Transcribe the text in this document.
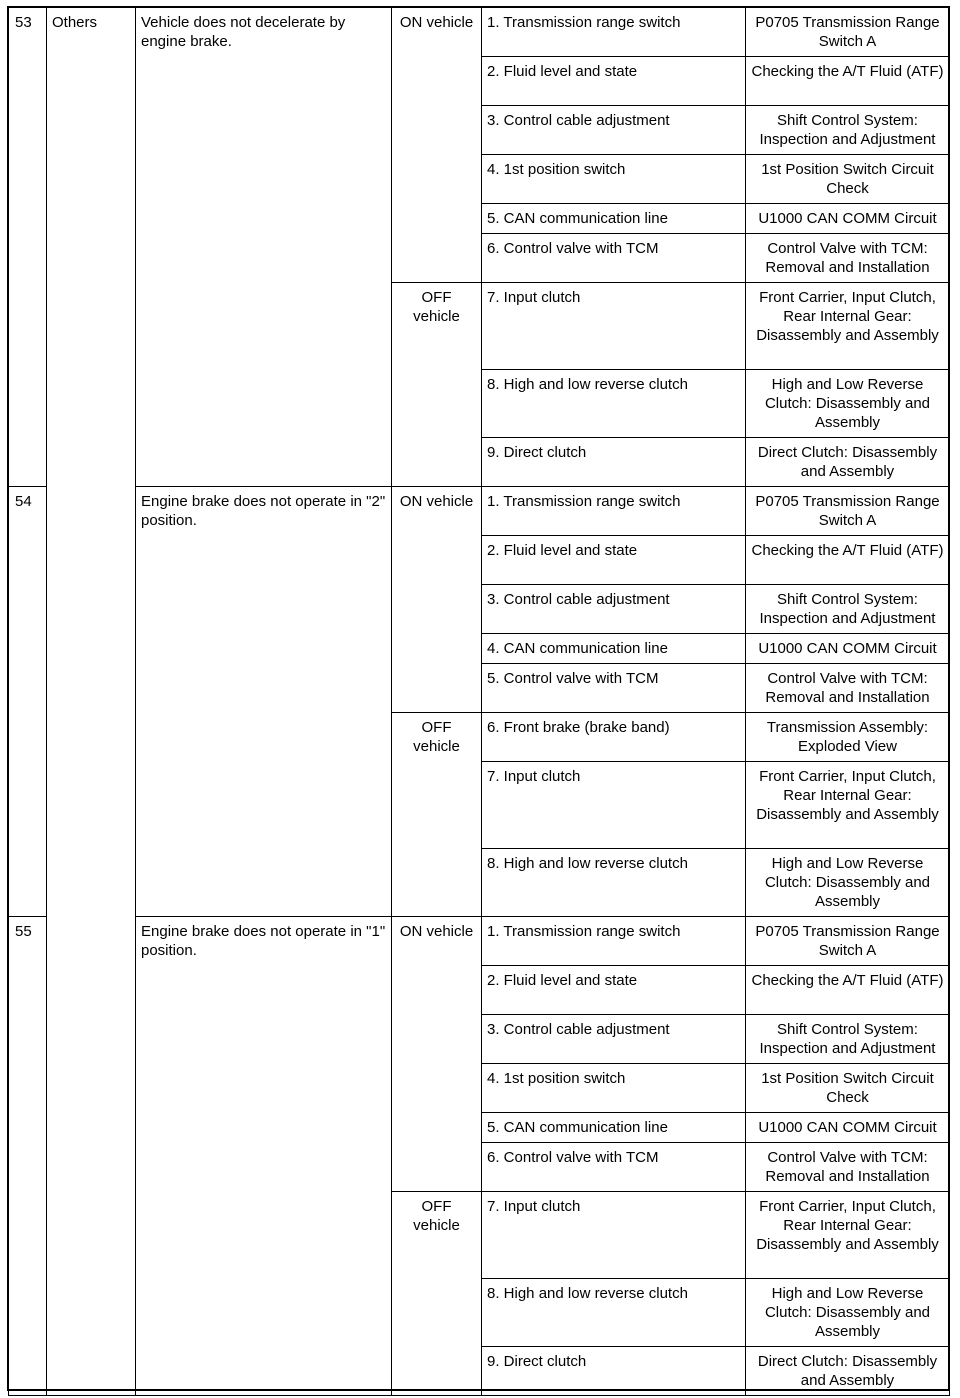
53	Others	Vehicle does not decelerate by engine brake.	ON vehicle	1. Transmission range switch	P0705 Transmission Range Switch A
				2. Fluid level and state	Checking the A/T Fluid (ATF)
				3. Control cable adjustment	Shift Control System: Inspection and Adjustment
				4. 1st position switch	1st Position Switch Circuit Check
				5. CAN communication line	U1000 CAN COMM Circuit
				6. Control valve with TCM	Control Valve with TCM: Removal and Installation
			OFF vehicle	7. Input clutch	Front Carrier, Input Clutch, Rear Internal Gear: Disassembly and Assembly
				8. High and low reverse clutch	High and Low Reverse Clutch: Disassembly and Assembly
				9. Direct clutch	Direct Clutch: Disassembly and Assembly
54		Engine brake does not operate in "2" position.	ON vehicle	1. Transmission range switch	P0705 Transmission Range Switch A
				2. Fluid level and state	Checking the A/T Fluid (ATF)
				3. Control cable adjustment	Shift Control System: Inspection and Adjustment
				4. CAN communication line	U1000 CAN COMM Circuit
				5. Control valve with TCM	Control Valve with TCM: Removal and Installation
			OFF vehicle	6. Front brake (brake band)	Transmission Assembly: Exploded View
				7. Input clutch	Front Carrier, Input Clutch, Rear Internal Gear: Disassembly and Assembly
				8. High and low reverse clutch	High and Low Reverse Clutch: Disassembly and Assembly
55		Engine brake does not operate in "1" position.	ON vehicle	1. Transmission range switch	P0705 Transmission Range Switch A
				2. Fluid level and state	Checking the A/T Fluid (ATF)
				3. Control cable adjustment	Shift Control System: Inspection and Adjustment
				4. 1st position switch	1st Position Switch Circuit Check
				5. CAN communication line	U1000 CAN COMM Circuit
				6. Control valve with TCM	Control Valve with TCM: Removal and Installation
			OFF vehicle	7. Input clutch	Front Carrier, Input Clutch, Rear Internal Gear: Disassembly and Assembly
				8. High and low reverse clutch	High and Low Reverse Clutch: Disassembly and Assembly
				9. Direct clutch	Direct Clutch: Disassembly and Assembly
